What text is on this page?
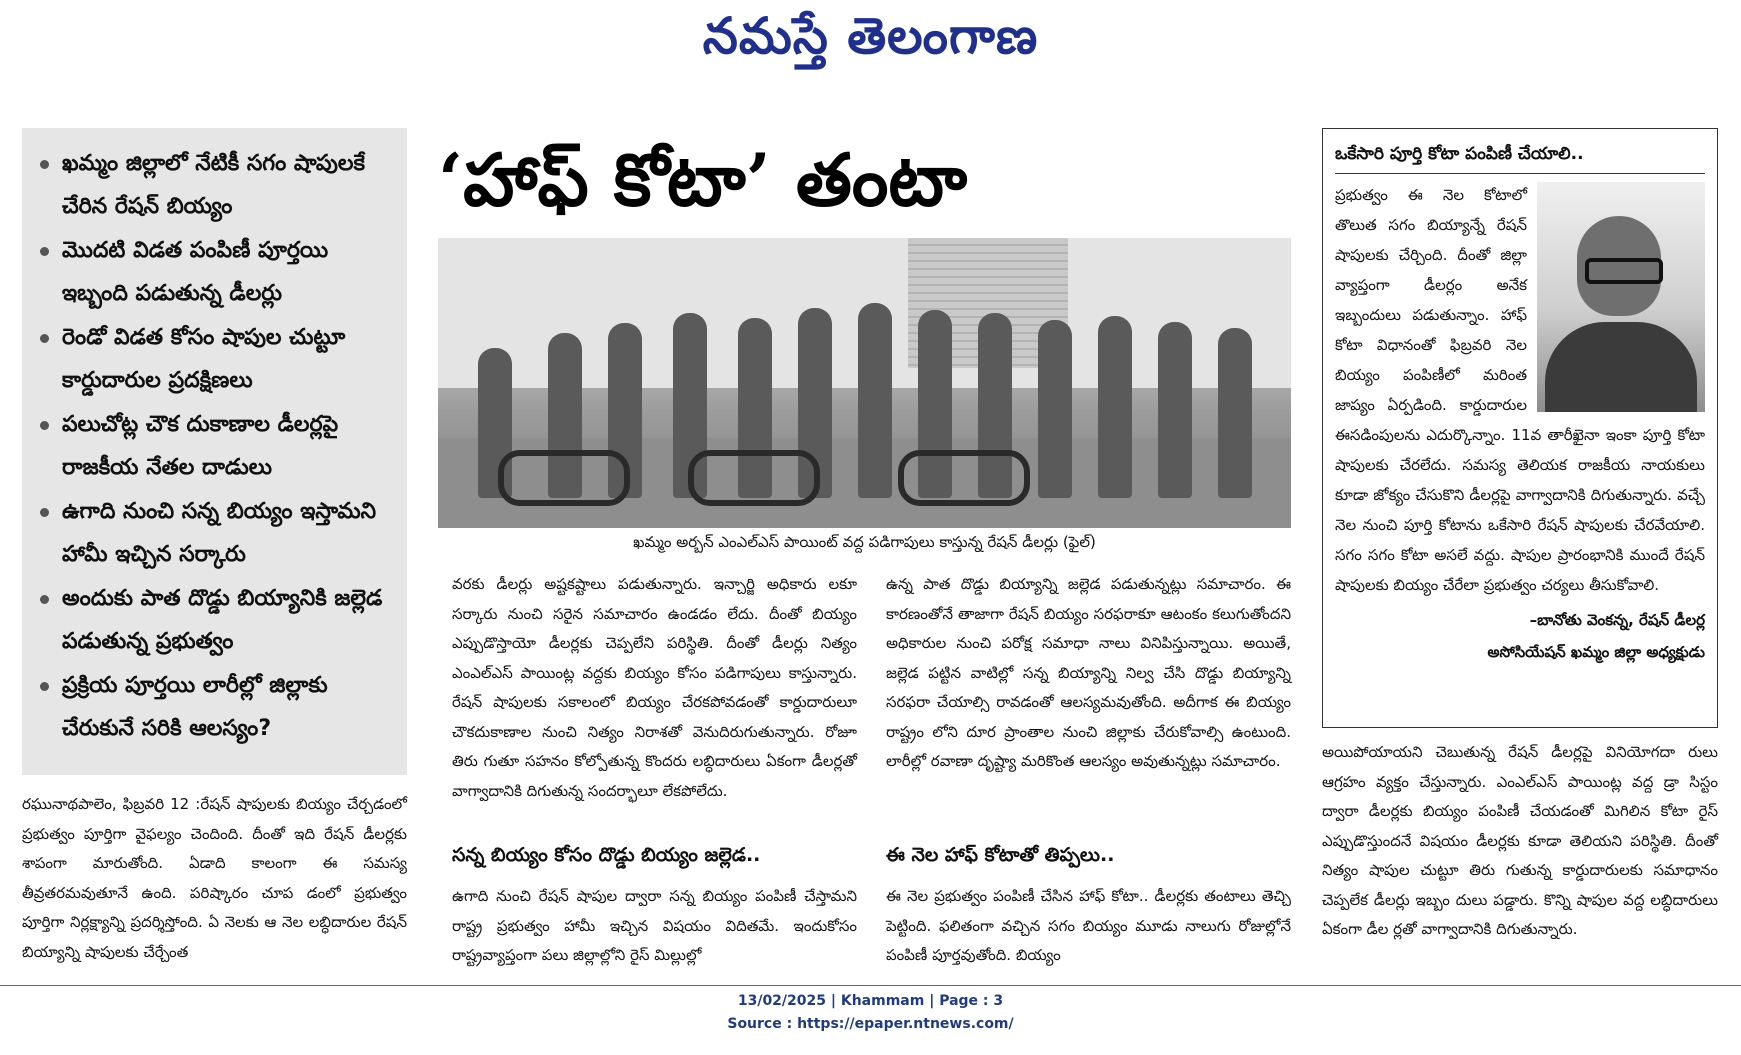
నమస్తే తెలంగాణ
ఖమ్మం జిల్లాలో నేటికీ సగం షాపులకే చేరిన రేషన్ బియ్యం
మొదటి విడత పంపిణీ పూర్తయి ఇబ్బంది పడుతున్న డీలర్లు
రెండో విడత కోసం షాపుల చుట్టూ కార్డుదారుల ప్రదక్షిణలు
పలుచోట్ల చౌక దుకాణాల డీలర్లపై రాజకీయ నేతల దాడులు
ఉగాది నుంచి సన్న బియ్యం ఇస్తామని హామీ ఇచ్చిన సర్కారు
అందుకు పాత దొడ్డు బియ్యానికి జల్లెడ పడుతున్న ప్రభుత్వం
ప్రక్రియ పూర్తయి లారీల్లో జిల్లాకు చేరుకునే సరికి ఆలస్యం?
‘హాఫ్ కోటా’ తంటా
ఖమ్మం అర్బన్ ఎంఎల్ఎస్ పాయింట్ వద్ద పడిగాపులు కాస్తున్న రేషన్ డీలర్లు (ఫైల్)
ఒకేసారి పూర్తి కోటా పంపిణీ చేయాలి..
ప్రభుత్వం ఈ నెల కోటాలో తొలుత సగం బియ్యాన్నే రేషన్ షాపులకు చేర్చింది. దీంతో జిల్లా వ్యాప్తంగా డీలర్లం అనేక ఇబ్బందులు పడుతున్నాం. హాఫ్ కోటా విధానంతో ఫిబ్రవరి నెల బియ్యం పంపిణీలో మరింత జాప్యం ఏర్పడింది. కార్డుదారుల ఈసడింపులను ఎదుర్కొన్నాం. 11వ తారీఖైనా ఇంకా పూర్తి కోటా షాపులకు చేరలేదు. సమస్య తెలియక రాజకీయ నాయకులు కూడా జోక్యం చేసుకొని డీలర్లపై వాగ్వాదానికి దిగుతున్నారు. వచ్చే నెల నుంచి పూర్తి కోటాను ఒకేసారి రేషన్ షాపులకు చేరవేయాలి. సగం సగం కోటా అసలే వద్దు. షాపుల ప్రారంభానికి ముందే రేషన్ షాపులకు బియ్యం చేరేలా ప్రభుత్వం చర్యలు తీసుకోవాలి.
–బానోతు వెంకన్న, రేషన్ డీలర్ల
అసోసియేషన్ ఖమ్మం జిల్లా అధ్యక్షుడు
రఘునాథపాలెం, ఫిబ్రవరి 12 :రేషన్ షాపులకు బియ్యం చేర్చడంలో ప్రభుత్వం పూర్తిగా వైఫల్యం చెందింది. దీంతో ఇది రేషన్ డీలర్లకు శాపంగా మారుతోంది. ఏడాది కాలంగా ఈ సమస్య తీవ్రతరమవుతూనే ఉంది. పరిష్కారం చూప డంలో ప్రభుత్వం పూర్తిగా నిర్లక్ష్యాన్ని ప్రదర్శిస్తోంది. ఏ నెలకు ఆ నెల లబ్ధిదారుల రేషన్ బియ్యాన్ని షాపులకు చేర్చేంత
వరకు డీలర్లు అష్టకష్టాలు పడుతున్నారు. ఇన్చార్జి అధికారు లకూ సర్కారు నుంచి సరైన సమాచారం ఉండడం లేదు. దీంతో బియ్యం ఎప్పుడొస్తాయో డీలర్లకు చెప్పలేని పరిస్థితి. దీంతో డీలర్లు నిత్యం ఎంఎల్ఎస్ పాయింట్ల వద్దకు బియ్యం కోసం పడిగాపులు కాస్తున్నారు. రేషన్ షాపులకు సకాలంలో బియ్యం చేరకపోవడంతో కార్డుదారులూ చౌకదుకాణాల నుంచి నిత్యం నిరాశతో వెనుదిరుగుతున్నారు. రోజూ తిరు గుతూ సహనం కోల్పోతున్న కొందరు లబ్ధిదారులు ఏకంగా డీలర్లతో వాగ్వాదానికి దిగుతున్న సందర్భాలూ లేకపోలేదు.
సన్న బియ్యం కోసం దొడ్డు బియ్యం జల్లెడ..
ఉగాది నుంచి రేషన్ షాపుల ద్వారా సన్న బియ్యం పంపిణీ చేస్తామని రాష్ట్ర ప్రభుత్వం హామీ ఇచ్చిన విషయం విదితమే. ఇందుకోసం రాష్ట్రవ్యాప్తంగా పలు జిల్లాల్లోని రైస్ మిల్లుల్లో
ఉన్న పాత దొడ్డు బియ్యాన్ని జల్లెడ పడుతున్నట్లు సమాచారం. ఈ కారణంతోనే తాజాగా రేషన్ బియ్యం సరఫరాకూ ఆటంకం కలుగుతోందని అధికారుల నుంచి పరోక్ష సమాధా నాలు వినిపిస్తున్నాయి. అయితే, జల్లెడ పట్టిన వాటిల్లో సన్న బియ్యాన్ని నిల్వ చేసి దొడ్డు బియ్యాన్ని సరఫరా చేయాల్సి రావడంతో ఆలస్యమవుతోంది. అదీగాక ఈ బియ్యం రాష్ట్రం లోని దూర ప్రాంతాల నుంచి జిల్లాకు చేరుకోవాల్సి ఉంటుంది. లారీల్లో రవాణా దృష్ట్యా మరికొంత ఆలస్యం అవుతున్నట్లు సమాచారం.
ఈ నెల హాఫ్ కోటాతో తిప్పలు..
ఈ నెల ప్రభుత్వం పంపిణీ చేసిన హాఫ్ కోటా.. డీలర్లకు తంటాలు తెచ్చి పెట్టింది. ఫలితంగా వచ్చిన సగం బియ్యం మూడు నాలుగు రోజుల్లోనే పంపిణీ పూర్తవుతోంది. బియ్యం
అయిపోయాయని చెబుతున్న రేషన్ డీలర్లపై వినియోగదా రులు ఆగ్రహం వ్యక్తం చేస్తున్నారు. ఎంఎల్ఎస్ పాయింట్ల వద్ద డ్రా సిస్టం ద్వారా డీలర్లకు బియ్యం పంపిణీ చేయడంతో మిగిలిన కోటా రైస్ ఎప్పుడొస్తుందనే విషయం డీలర్లకు కూడా తెలియని పరిస్థితి. దీంతో నిత్యం షాపుల చుట్టూ తిరు గుతున్న కార్డుదారులకు సమాధానం చెప్పలేక డీలర్లు ఇబ్బం దులు పడ్డారు. కొన్ని షాపుల వద్ద లబ్ధిదారులు ఏకంగా డీల ర్లతో వాగ్వాదానికి దిగుతున్నారు.
13/02/2025 | Khammam | Page : 3
Source : https://epaper.ntnews.com/
